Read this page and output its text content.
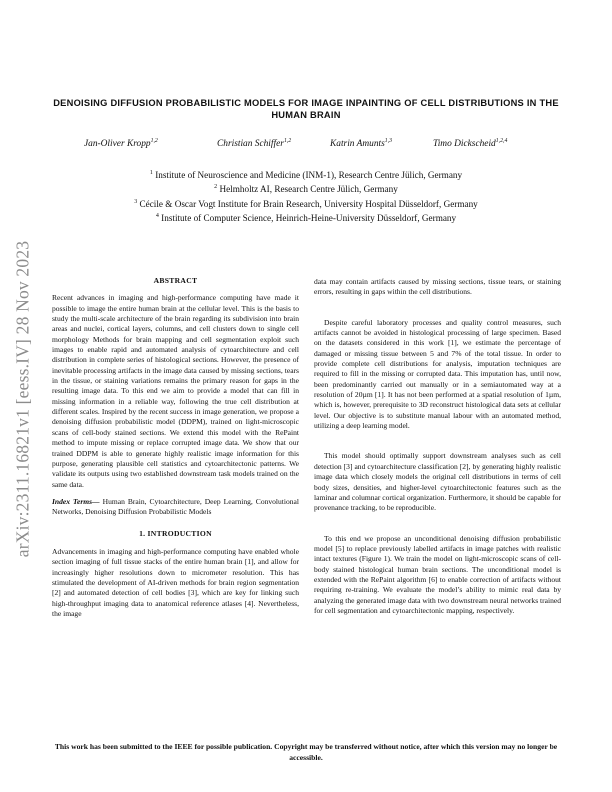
arXiv:2311.16821v1 [eess.IV] 28 Nov 2023
DENOISING DIFFUSION PROBABILISTIC MODELS FOR IMAGE INPAINTING OF CELL DISTRIBUTIONS IN THE HUMAN BRAIN
Jan-Oliver Kropp$^{1,2}$	Christian Schiffer$^{1,2}$	Katrin Amunts$^{1,3}$	Timo Dickscheid$^{1,2,4}$
$^1$ Institute of Neuroscience and Medicine (INM-1), Research Centre Jülich, Germany
$^2$ Helmholtz AI, Research Centre Jülich, Germany
$^3$ Cécile & Oscar Vogt Institute for Brain Research, University Hospital Düsseldorf, Germany
$^4$ Institute of Computer Science, Heinrich-Heine-University Düsseldorf, Germany
ABSTRACT

Recent advances in imaging and high-performance computing have made it possible to image the entire human brain at the cellular level. This is the basis to study the multi-scale architecture of the brain regarding its subdivision into brain areas and nuclei, cortical layers, columns, and cell clusters down to single cell morphology Methods for brain mapping and cell segmentation exploit such images to enable rapid and automated analysis of cytoarchitecture and cell distribution in complete series of histological sections. However, the presence of inevitable processing artifacts in the image data caused by missing sections, tears in the tissue, or staining variations remains the primary reason for gaps in the resulting image data. To this end we aim to provide a model that can fill in missing information in a reliable way, following the true cell distribution at different scales. Inspired by the recent success in image generation, we propose a denoising diffusion probabilistic model (DDPM), trained on light-microscopic scans of cell-body stained sections. We extend this model with the RePaint method to impute missing or replace corrupted image data. We show that our trained DDPM is able to generate highly realistic image information for this purpose, generating plausible cell statistics and cytoarchitectonic patterns. We validate its outputs using two established downstream task models trained on the same data.

Index Terms— Human Brain, Cytoarchitecture, Deep Learning, Convolutional Networks, Denoising Diffusion Probabilistic Models

1. INTRODUCTION

Advancements in imaging and high-performance computing have enabled whole section imaging of full tissue stacks of the entire human brain [1], and allow for increasingly higher resolutions down to micrometer resolution. This has stimulated the development of AI-driven methods for brain region segmentation [2] and automated detection of cell bodies [3], which are key for linking such high-throughput imaging data to anatomical reference atlases [4]. Nevertheless, the image

data may contain artifacts caused by missing sections, tissue tears, or staining errors, resulting in gaps within the cell distributions.

Despite careful laboratory processes and quality control measures, such artifacts cannot be avoided in histological processing of large specimen. Based on the datasets considered in this work [1], we estimate the percentage of damaged or missing tissue between 5 and 7% of the total tissue. In order to provide complete cell distributions for analysis, imputation techniques are required to fill in the missing or corrupted data. This imputation has, until now, been predominantly carried out manually or in a semiautomated way at a resolution of 20µm [1]. It has not been performed at a spatial resolution of 1µm, which is, however, prerequisite to 3D reconstruct histological data sets at cellular level. Our objective is to substitute manual labour with an automated method, utilizing a deep learning model.

This model should optimally support downstream analyses such as cell detection [3] and cytoarchitecture classification [2], by generating highly realistic image data which closely models the original cell distributions in terms of cell body sizes, densities, and higher-level cytoarchitectonic features such as the laminar and columnar cortical organization. Furthermore, it should be capable for provenance tracking, to be reproducible.

To this end we propose an unconditional denoising diffusion probabilistic model [5] to replace previously labelled artifacts in image patches with realistic intact textures (Figure 1). We train the model on light-microscopic scans of cell-body stained histological human brain sections. The unconditional model is extended with the RePaint algorithm [6] to enable correction of artifacts without requiring re-training. We evaluate the model’s ability to mimic real data by analyzing the generated image data with two downstream neural networks trained for cell segmentation and cytoarchitectonic mapping, respectively.

This work has been submitted to the IEEE for possible publication. Copyright may be transferred without notice, after which this version may no longer be accessible.
